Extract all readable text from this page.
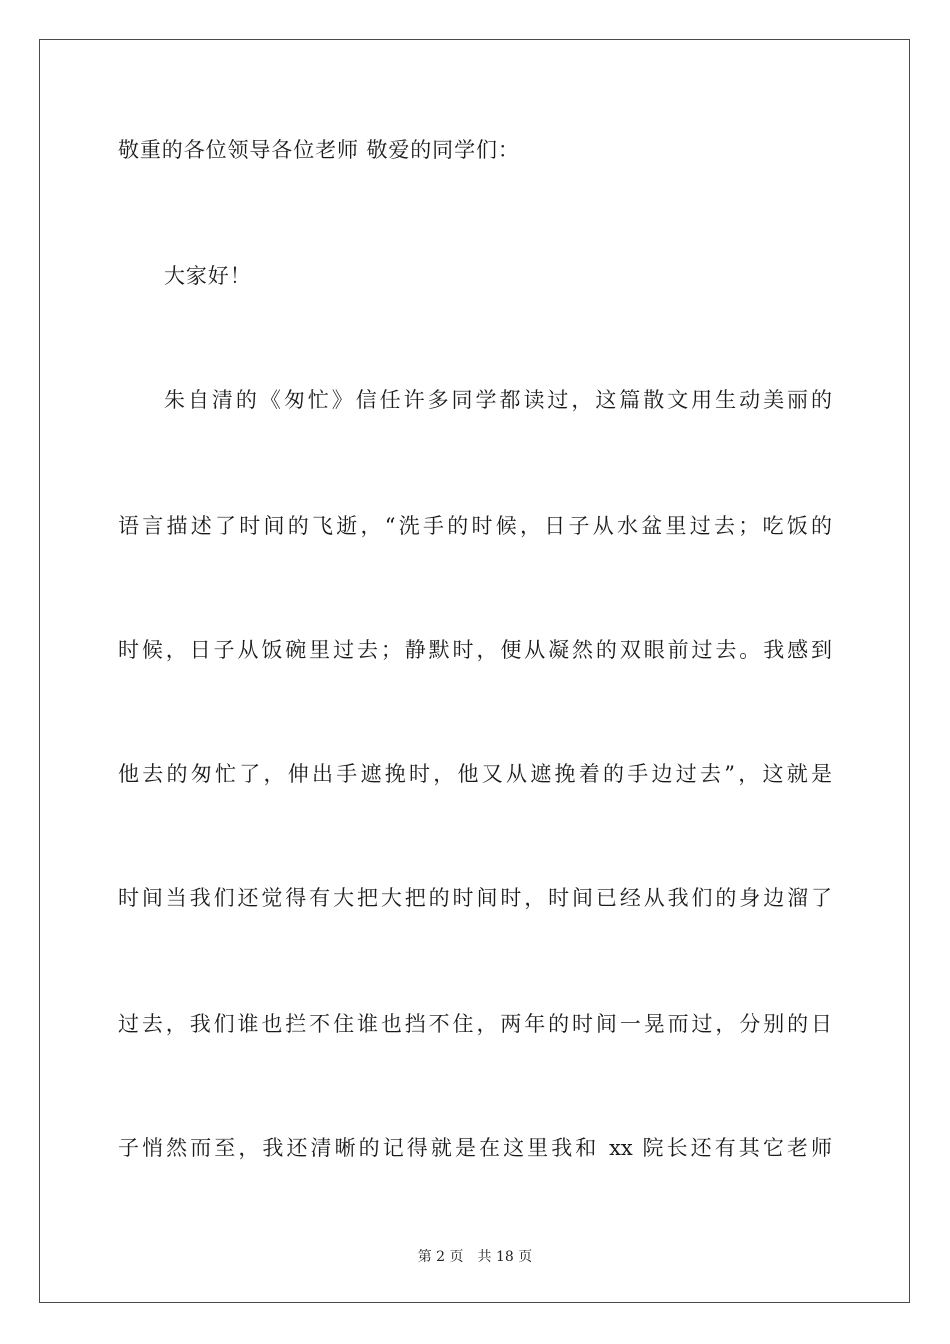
敬重的各位领导各位老师 敬爱的同学们：
大家好！
朱自清的《匆忙》信任许多同学都读过，这篇散文用生动美丽的
语言描述了时间的飞逝，“洗手的时候，日子从水盆里过去；吃饭的
时候，日子从饭碗里过去；静默时，便从凝然的双眼前过去。我感到
他去的匆忙了，伸出手遮挽时，他又从遮挽着的手边过去”，这就是
时间当我们还觉得有大把大把的时间时，时间已经从我们的身边溜了
过去，我们谁也拦不住谁也挡不住，两年的时间一晃而过，分别的日
子悄然而至，我还清晰的记得就是在这里我和 xx 院长还有其它老师
第 2 页　共 18 页
